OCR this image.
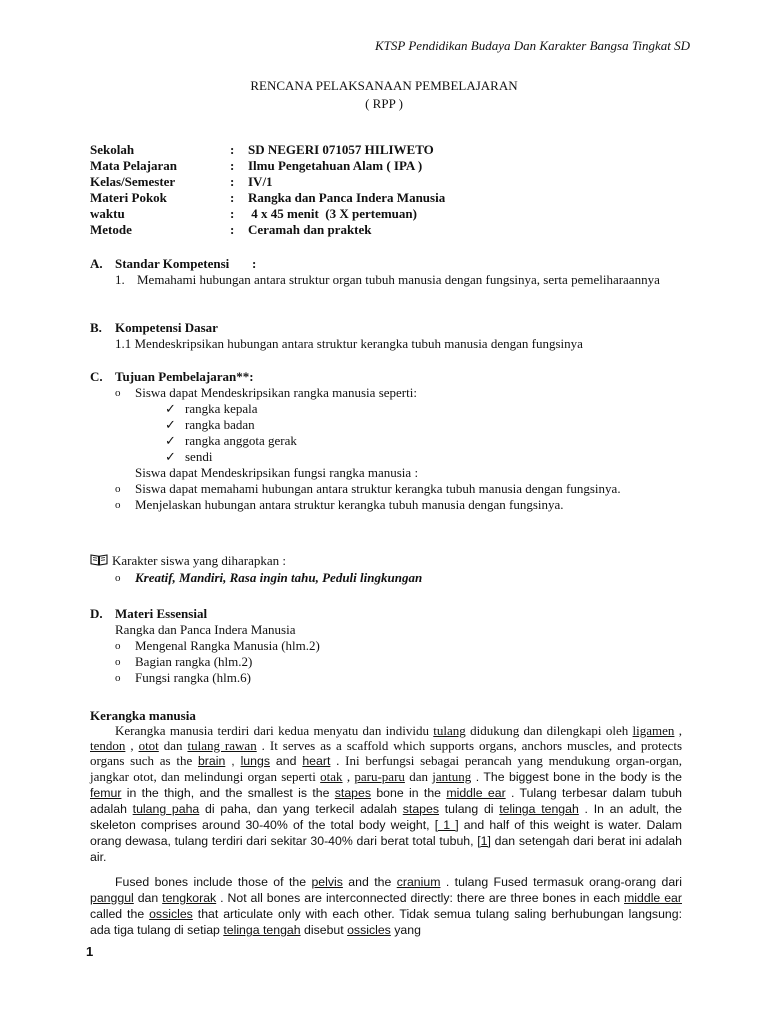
KTSP Pendidikan Budaya Dan Karakter Bangsa Tingkat SD
RENCANA PELAKSANAAN PEMBELAJARAN
( RPP )
Sekolah	:	SD NEGERI 071057 HILIWETO
Mata Pelajaran	:	Ilmu Pengetahuan Alam ( IPA )
Kelas/Semester	:	IV/1
Materi Pokok	:	Rangka dan Panca Indera Manusia
waktu	:	4 x 45 menit  (3 X pertemuan)
Metode	:	Ceramah dan praktek
A. Standar Kompetensi       :
1. Memahami hubungan antara struktur organ tubuh manusia dengan fungsinya, serta pemeliharaannya
B.	Kompetensi Dasar
1.1 Mendeskripsikan hubungan antara struktur kerangka tubuh manusia dengan fungsinya
C. Tujuan Pembelajaran**:
o	Siswa dapat Mendeskripsikan rangka manusia seperti:
✓ rangka kepala
✓ rangka badan
✓ rangka anggota gerak
✓ sendi
Siswa dapat Mendeskripsikan fungsi rangka manusia :
o	Siswa dapat memahami hubungan antara struktur kerangka tubuh manusia dengan fungsinya.
o	Menjelaskan hubungan antara struktur kerangka tubuh manusia dengan fungsinya.
Karakter siswa yang diharapkan :
o	Kreatif, Mandiri, Rasa ingin tahu, Peduli lingkungan
D. Materi Essensial
Rangka dan Panca Indera Manusia
o	Mengenal Rangka Manusia (hlm.2)
o	Bagian rangka (hlm.2)
o	Fungsi rangka (hlm.6)
Kerangka manusia

Kerangka manusia terdiri dari kedua menyatu dan individu tulang didukung dan dilengkapi oleh ligamen , tendon , otot dan tulang rawan . It serves as a scaffold which supports organs, anchors muscles, and protects organs such as the brain , lungs and heart . Ini berfungsi sebagai perancah yang mendukung organ-organ, jangkar otot, dan melindungi organ seperti otak , paru-paru dan jantung . The biggest bone in the body is the femur in the thigh, and the smallest is the stapes bone in the middle ear . Tulang terbesar dalam tubuh adalah tulang paha di paha, dan yang terkecil adalah stapes tulang di telinga tengah . In an adult, the skeleton comprises around 30-40% of the total body weight, [ 1 ] and half of this weight is water. Dalam orang dewasa, tulang terdiri dari sekitar 30-40% dari berat total tubuh, [1] dan setengah dari berat ini adalah air.

Fused bones include those of the pelvis and the cranium . tulang Fused termasuk orang-orang dari panggul dan tengkorak . Not all bones are interconnected directly: there are three bones in each middle ear called the ossicles that articulate only with each other. Tidak semua tulang saling berhubungan langsung: ada tiga tulang di setiap telinga tengah disebut ossicles yang

1
